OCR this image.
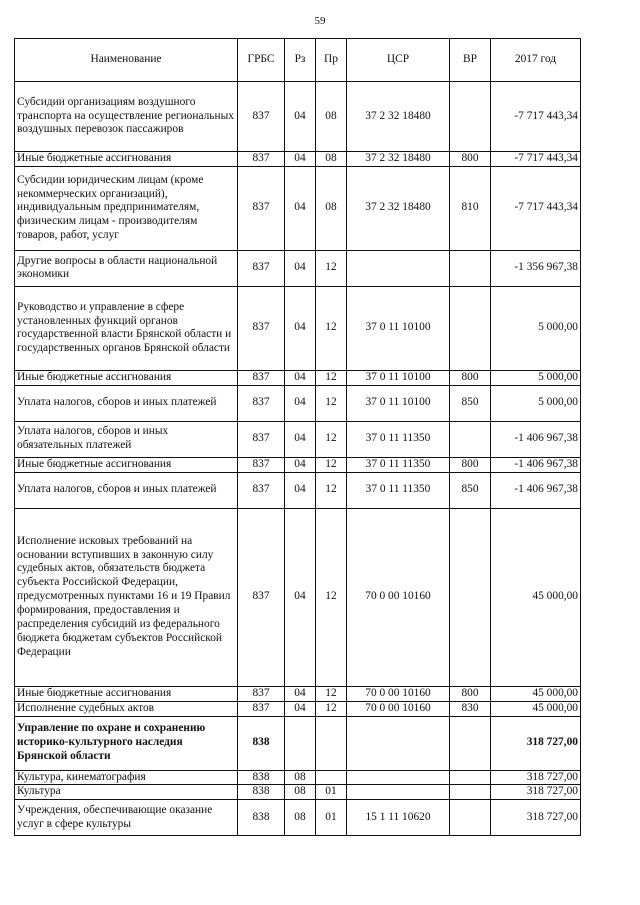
59
Наименование	ГРБС	Рз	Пр	ЦСР	ВР	2017 год
Субсидии организациям воздушного транспорта на осуществление региональных воздушных перевозок пассажиров	837	04	08	37 2 32 18480		-7 717 443,34
Иные бюджетные ассигнования	837	04	08	37 2 32 18480	800	-7 717 443,34
Субсидии юридическим лицам (кроме некоммерческих организаций), индивидуальным предпринимателям, физическим лицам - производителям товаров, работ, услуг	837	04	08	37 2 32 18480	810	-7 717 443,34
Другие вопросы в области национальной экономики	837	04	12			-1 356 967,38
Руководство и управление в сфере установленных функций органов государственной власти Брянской области и государственных органов Брянской области	837	04	12	37 0 11 10100		5 000,00
Иные бюджетные ассигнования	837	04	12	37 0 11 10100	800	5 000,00
Уплата налогов, сборов и иных платежей	837	04	12	37 0 11 10100	850	5 000,00
Уплата налогов, сборов и иных обязательных платежей	837	04	12	37 0 11 11350		-1 406 967,38
Иные бюджетные ассигнования	837	04	12	37 0 11 11350	800	-1 406 967,38
Уплата налогов, сборов и иных платежей	837	04	12	37 0 11 11350	850	-1 406 967,38
Исполнение исковых требований на основании вступивших в законную силу судебных актов, обязательств бюджета субъекта Российской Федерации, предусмотренных пунктами 16 и 19 Правил формирования, предоставления и распределения субсидий из федерального бюджета бюджетам субъектов Российской Федерации	837	04	12	70 0 00 10160		45 000,00
Иные бюджетные ассигнования	837	04	12	70 0 00 10160	800	45 000,00
Исполнение судебных актов	837	04	12	70 0 00 10160	830	45 000,00
Управление по охране и сохранению историко-культурного наследия Брянской области	838					318 727,00
Культура, кинематография	838	08				318 727,00
Культура	838	08	01			318 727,00
Учреждения, обеспечивающие оказание услуг в сфере культуры	838	08	01	15 1 11 10620		318 727,00
